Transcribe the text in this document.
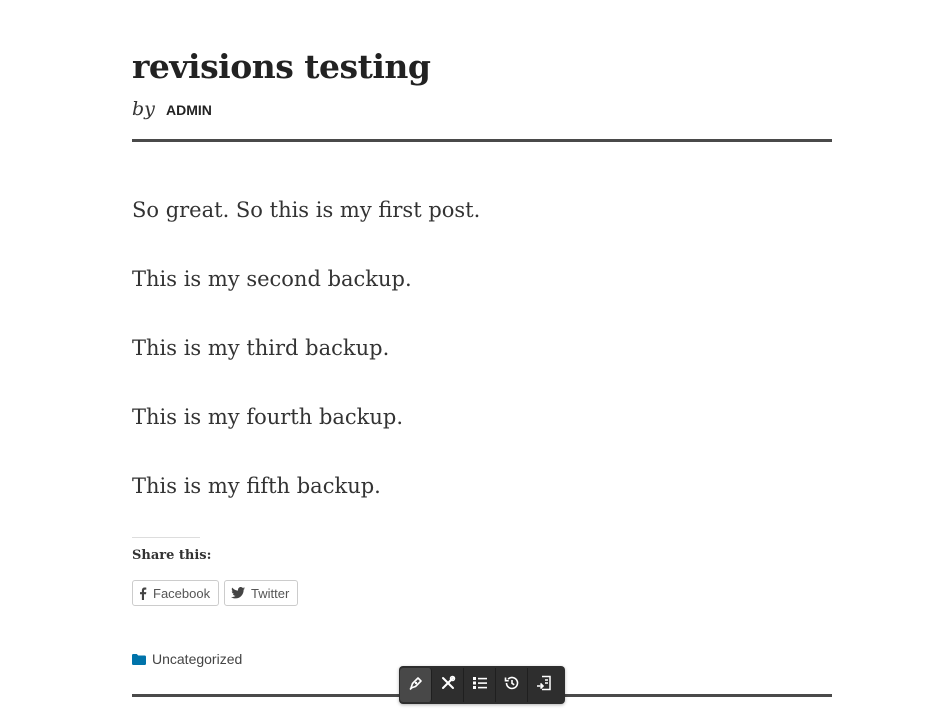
revisions testing
by ADMIN

So great. So this is my first post.

This is my second backup.

This is my third backup.

This is my fourth backup.

This is my fifth backup.

Share this:
Facebook	Twitter
Uncategorized
